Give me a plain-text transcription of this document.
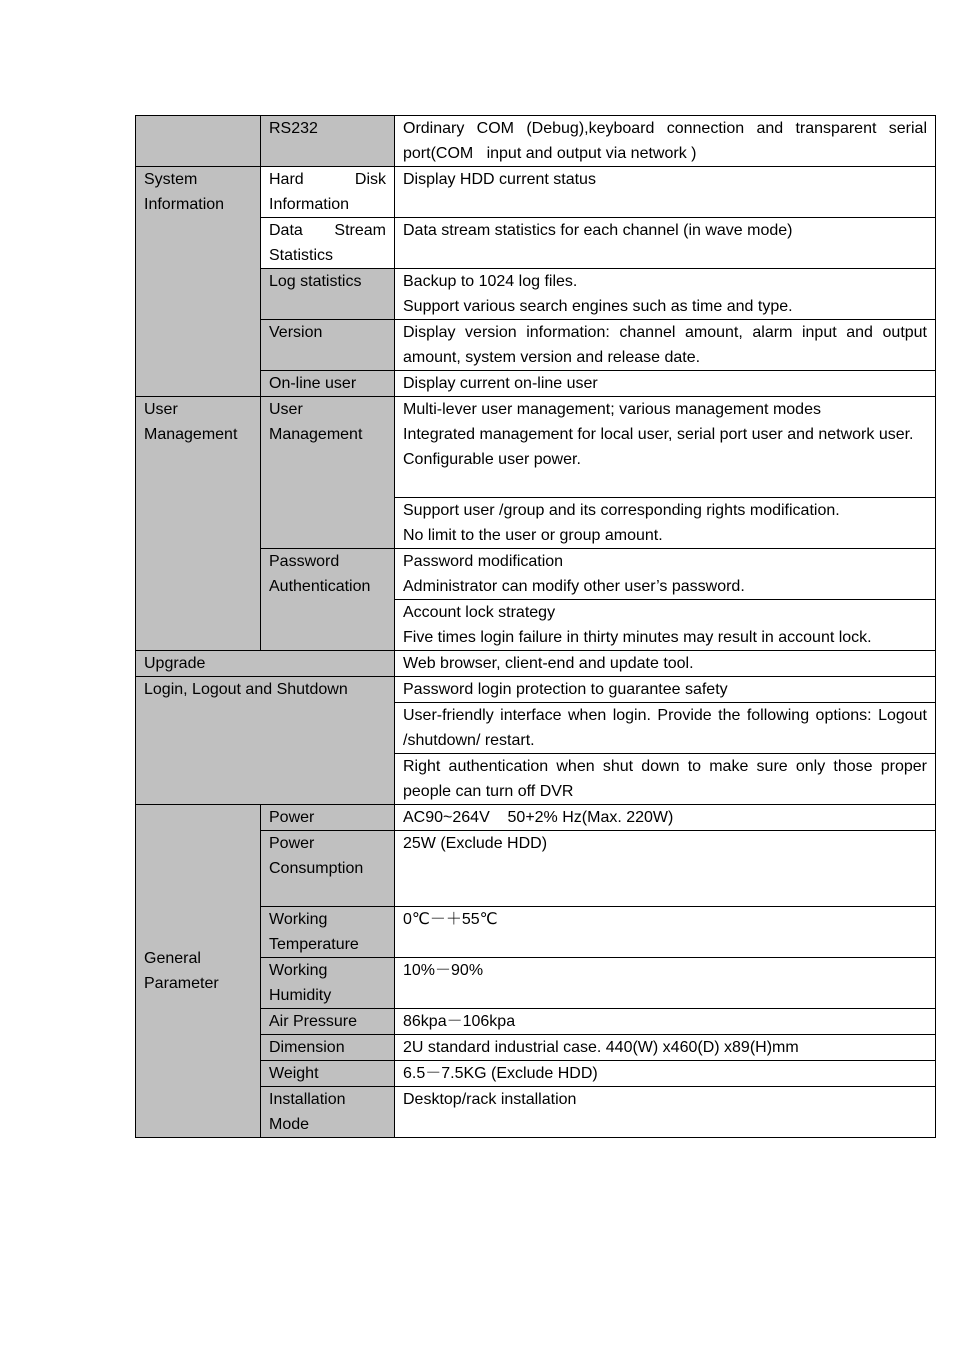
	RS232	Ordinary COM (Debug),keyboard connection and transparent serial port(COM   input and output via network )
System Information	Hard Disk Information	Display HDD current status
	Data Stream Statistics	Data stream statistics for each channel (in wave mode)
	Log statistics	Backup to 1024 log files.
Support various search engines such as time and type.

	Version	Display version information: channel amount, alarm input and output amount, system version and release date.
	On-line user	Display current on-line user
User Management	User Management	Multi-lever user management; various management modes
Integrated management for local user, serial port user and network user.
Configurable user power.

		Support user /group and its corresponding rights modification.
No limit to the user or group amount.

	Password Authentication	Password modification
Administrator can modify other user’s password.

		Account lock strategy
Five times login failure in thirty minutes may result in account lock.

Upgrade		Web browser, client-end and update tool.
Login, Logout and Shutdown		Password login protection to guarantee safety
		User-friendly interface when login. Provide the following options: Logout /shutdown/ restart.
		Right authentication when shut down to make sure only those proper people can turn off DVR
General Parameter	Power	AC90~264V    50+2% Hz(Max. 220W)
	Power Consumption	25W (Exclude HDD)
	Working Temperature	0℃－＋55℃
	Working Humidity	10%－90%
	Air Pressure	86kpa－106kpa
	Dimension	2U standard industrial case. 440(W) x460(D) x89(H)mm
	Weight	6.5－7.5KG (Exclude HDD)
	Installation Mode	Desktop/rack installation
